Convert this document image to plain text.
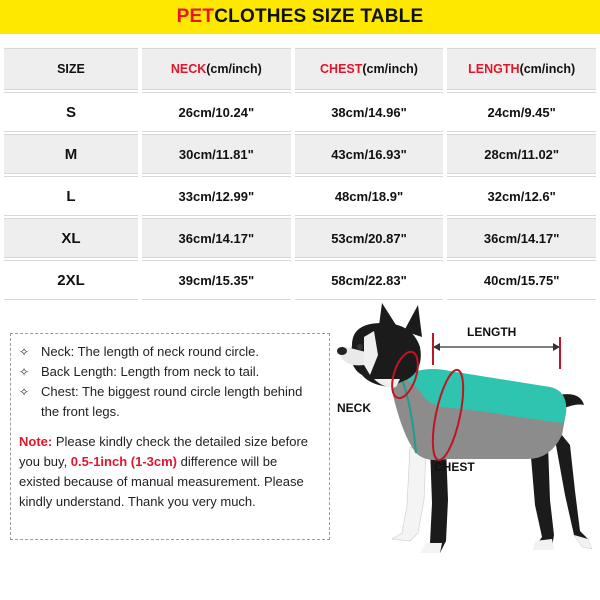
PET CLOTHES SIZE TABLE
SIZE	NECK(cm/inch)	CHEST(cm/inch)	LENGTH(cm/inch)
S	26cm/10.24"	38cm/14.96"	24cm/9.45"
M	30cm/11.81"	43cm/16.93"	28cm/11.02"
L	33cm/12.99"	48cm/18.9"	32cm/12.6"
XL	36cm/14.17"	53cm/20.87"	36cm/14.17"
2XL	39cm/15.35"	58cm/22.83"	40cm/15.75"
✧ Neck: The length of neck round circle.
✧ Back Length: Length from neck to tail.
✧ Chest: The biggest round circle length behind the front legs.
Note: Please kindly check the detailed size before you buy, 0.5-1inch (1-3cm) difference will be existed because of manual measurement. Please kindly understand. Thank you very much.
LENGTH
NECK
CHEST
